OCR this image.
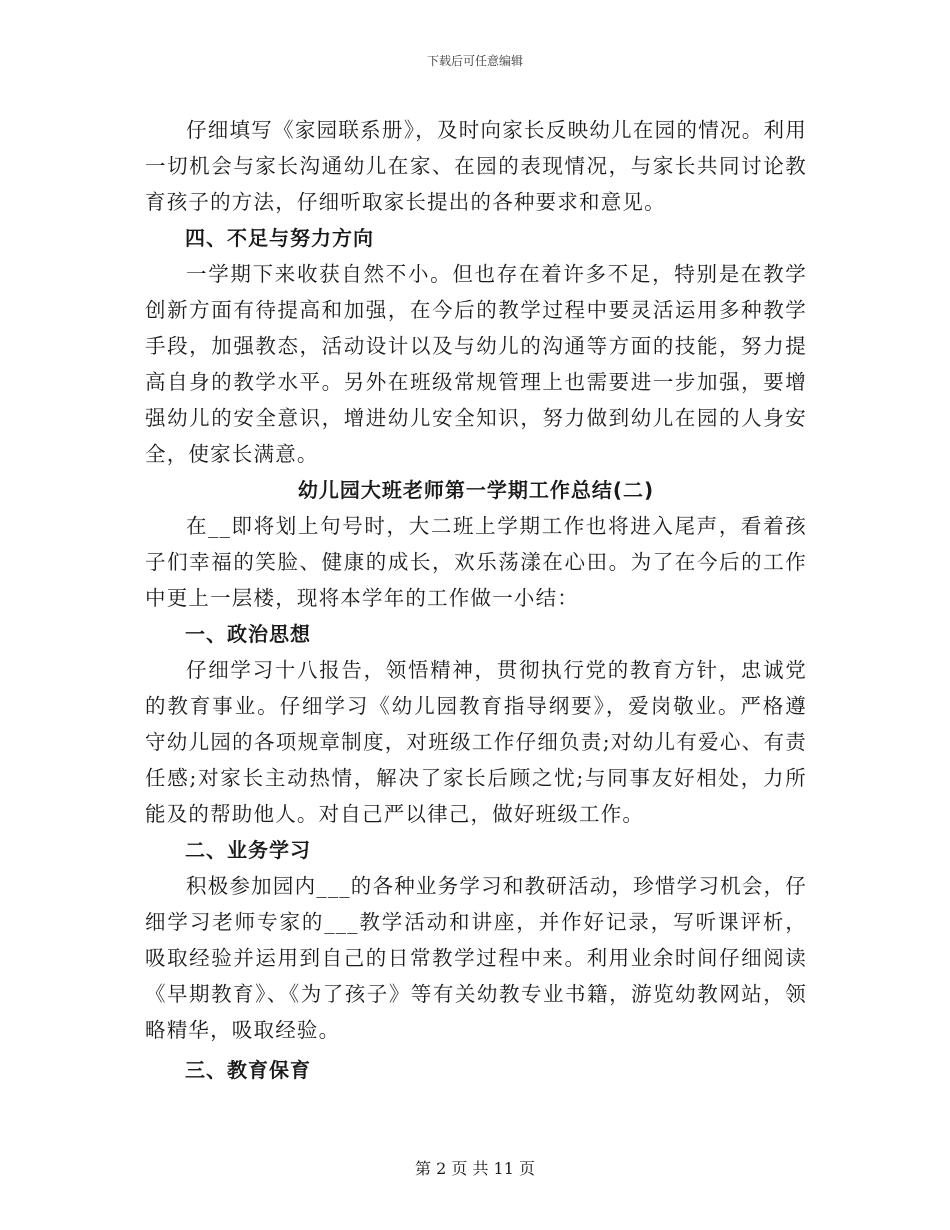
下载后可任意编辑

仔细填写《家园联系册》，及时向家长反映幼儿在园的情况。利用一切机会与家长沟通幼儿在家、在园的表现情况，与家长共同讨论教育孩子的方法，仔细听取家长提出的各种要求和意见。

四、不足与努力方向

一学期下来收获自然不小。但也存在着许多不足，特别是在教学创新方面有待提高和加强，在今后的教学过程中要灵活运用多种教学手段，加强教态，活动设计以及与幼儿的沟通等方面的技能，努力提高自身的教学水平。另外在班级常规管理上也需要进一步加强，要增强幼儿的安全意识，增进幼儿安全知识，努力做到幼儿在园的人身安全，使家长满意。

幼儿园大班老师第一学期工作总结(二)

在__即将划上句号时，大二班上学期工作也将进入尾声，看着孩子们幸福的笑脸、健康的成长，欢乐荡漾在心田。为了在今后的工作中更上一层楼，现将本学年的工作做一小结：

一、政治思想

仔细学习十八报告，领悟精神，贯彻执行党的教育方针，忠诚党的教育事业。仔细学习《幼儿园教育指导纲要》，爱岗敬业。严格遵守幼儿园的各项规章制度，对班级工作仔细负责;对幼儿有爱心、有责任感;对家长主动热情，解决了家长后顾之忧;与同事友好相处，力所能及的帮助他人。对自己严以律己，做好班级工作。

二、业务学习

积极参加园内___的各种业务学习和教研活动，珍惜学习机会，仔细学习老师专家的___教学活动和讲座，并作好记录，写听课评析，吸取经验并运用到自己的日常教学过程中来。利用业余时间仔细阅读《早期教育》、《为了孩子》等有关幼教专业书籍，游览幼教网站，领略精华，吸取经验。

三、教育保育

第 2 页 共 11 页
